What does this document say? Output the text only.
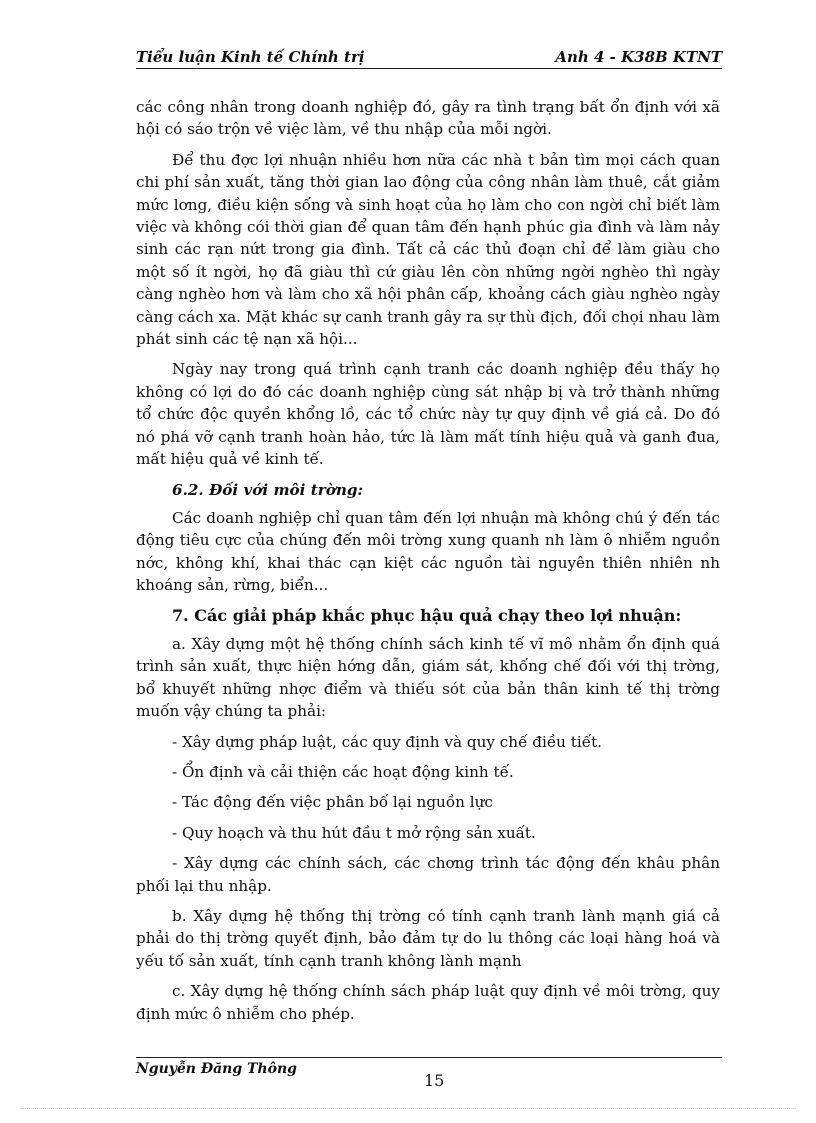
Tiểu luận Kinh tế Chính trị	Anh 4 - K38B KTNT

các công nhân trong doanh nghiệp đó, gây ra tình trạng bất ổn định với xã hội có sáo trộn về việc làm, về thu nhập của mỗi ngời.

Để thu đợc lợi nhuận nhiều hơn nữa các nhà t bản tìm mọi cách quan chi phí sản xuất, tăng thời gian lao động của công nhân làm thuê, cắt giảm mức lơng, điều kiện sống và sinh hoạt của họ làm cho con ngời chỉ biết làm việc và không cói thời gian để quan tâm đến hạnh phúc gia đình và làm nảy sinh các rạn nứt trong gia đình. Tất cả các thủ đoạn chỉ để làm giàu cho một số ít ngời, họ đã giàu thì cứ giàu lên còn những ngời nghèo thì ngày càng nghèo hơn và làm cho xã hội phân cấp, khoảng cách giàu nghèo ngày càng cách xa. Mặt khác sự canh tranh gây ra sự thù địch, đối chọi nhau làm phát sinh các tệ nạn xã hội...

Ngày nay trong quá trình cạnh tranh các doanh nghiệp đều thấy họ không có lợi do đó các doanh nghiệp cùng sát nhập bị và trở thành những tổ chức độc quyền khổng lồ, các tổ chức này tự quy định về giá cả. Do đó nó phá vỡ cạnh tranh hoàn hảo, tức là làm mất tính hiệu quả và ganh đua, mất hiệu quả về kinh tế.

6.2. Đối với môi trờng:

Các doanh nghiệp chỉ quan tâm đến lợi nhuận mà không chú ý đến tác động tiêu cực của chúng đến môi trờng xung quanh nh làm ô nhiễm nguồn nớc, không khí, khai thác cạn kiệt các nguồn tài nguyên thiên nhiên nh khoáng sản, rừng, biển...

7. Các giải pháp khắc phục hậu quả chạy theo lợi nhuận:

a. Xây dựng một hệ thống chính sách kinh tế vĩ mô nhằm ổn định quá trình sản xuất, thực hiện hớng dẫn, giám sát, khống chế đối với thị trờng, bổ khuyết những nhợc điểm và thiếu sót của bản thân kinh tế thị trờng muốn vậy chúng ta phải:

- Xây dựng pháp luật, các quy định và quy chế điều tiết.

- Ổn định và cải thiện các hoạt động kinh tế.

- Tác động đến việc phân bố lại nguồn lực

- Quy hoạch và thu hút đầu t mở rộng sản xuất.

- Xây dựng các chính sách, các chơng trình tác động đến khâu phân phối lại thu nhập.

b. Xây dựng hệ thống thị trờng có tính cạnh tranh lành mạnh giá cả phải do thị trờng quyết định, bảo đảm tự do lu thông các loại hàng hoá và yếu tố sản xuất, tính cạnh tranh không lành mạnh

c. Xây dựng hệ thống chính sách pháp luật quy định về môi trờng, quy định mức ô nhiễm cho phép.

Nguyễn Đăng Thông
15
